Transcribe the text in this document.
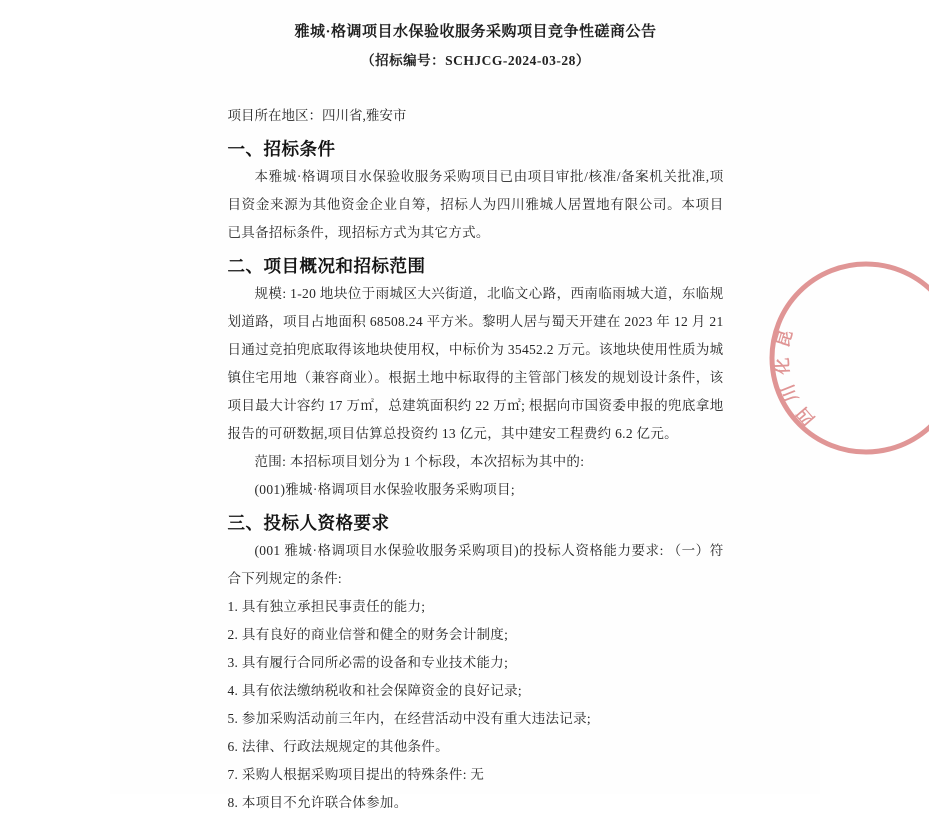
雅城·格调项目水保验收服务采购项目竞争性磋商公告
（招标编号：SCHJCG-2024-03-28）
项目所在地区：四川省,雅安市
一、招标条件

本雅城·格调项目水保验收服务采购项目已由项目审批/核准/备案机关批准,项目资金来源为其他资金企业自筹，招标人为四川雅城人居置地有限公司。本项目已具备招标条件，现招标方式为其它方式。

二、项目概况和招标范围

规模: 1-20 地块位于雨城区大兴街道，北临文心路，西南临雨城大道，东临规划道路，项目占地面积 68508.24 平方米。黎明人居与蜀天开建在 2023 年 12 月 21 日通过竞拍兜底取得该地块使用权，中标价为 35452.2 万元。该地块使用性质为城镇住宅用地（兼容商业）。根据土地中标取得的主管部门核发的规划设计条件，该项目最大计容约 17 万㎡，总建筑面积约 22 万㎡; 根据向市国资委申报的兜底拿地报告的可研数据,项目估算总投资约 13 亿元，其中建安工程费约 6.2 亿元。

范围: 本招标项目划分为 1 个标段，本次招标为其中的:

(001)雅城·格调项目水保验收服务采购项目;

三、投标人资格要求

(001 雅城·格调项目水保验收服务采购项目)的投标人资格能力要求: （一）符合下列规定的条件:

1. 具有独立承担民事责任的能力;
2. 具有良好的商业信誉和健全的财务会计制度;
3. 具有履行合同所必需的设备和专业技术能力;
4. 具有依法缴纳税收和社会保障资金的良好记录;
5. 参加采购活动前三年内，在经营活动中没有重大违法记录;
6. 法律、行政法规规定的其他条件。
7. 采购人根据采购项目提出的特殊条件: 无
8. 本项目不允许联合体参加。
四川化昆
